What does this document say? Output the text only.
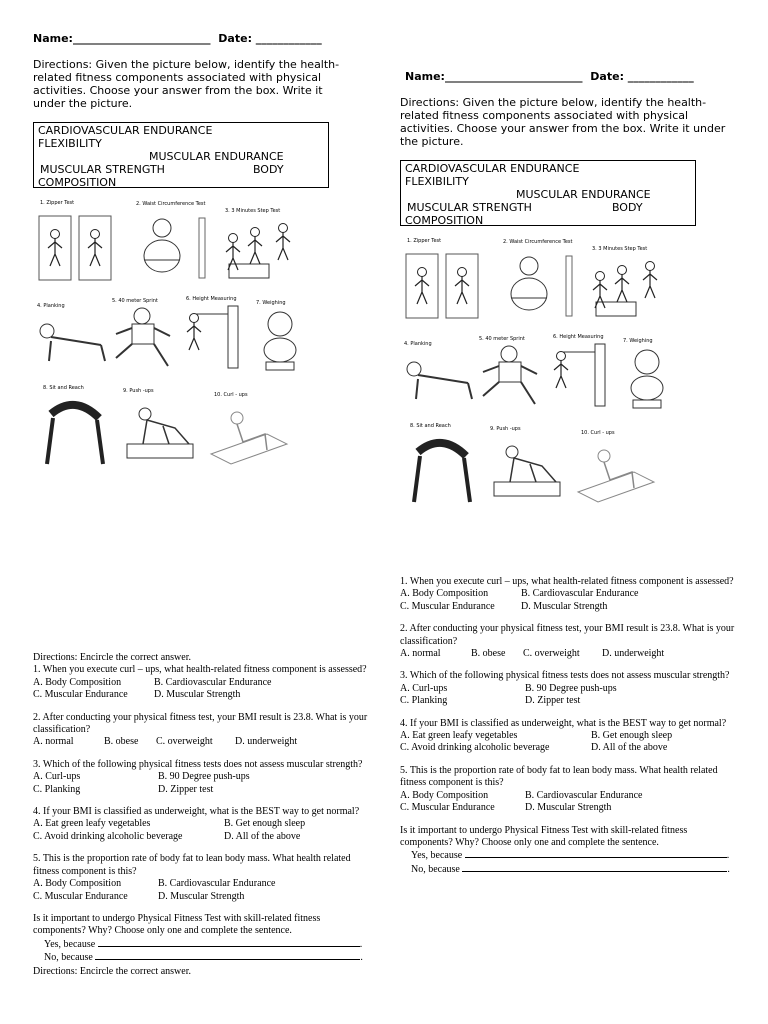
Name:_________________________ Date: ____________
Directions: Given the picture below, identify the health-related fitness components associated with physical activities. Choose your answer from the box. Write it under the picture.
CARDIOVASCULAR ENDURANCE
FLEXIBILITY
MUSCULAR ENDURANCE
MUSCULAR STRENGTH	BODY
COMPOSITION
1. Zipper Test	2. Waist Circumference Test
3. 3 Minutes Step Test
4. Planking
5. 40 meter Sprint	6. Height Measuring
7. Weighing
8. Sit and Reach	9. Push -ups
10. Curl - ups
Directions: Encircle the correct answer.
1. When you execute curl – ups, what health-related fitness component is assessed?
A. Body Composition	B. Cardiovascular Endurance
C. Muscular Endurance	D. Muscular Strength
2. After conducting your physical fitness test, your BMI result is 23.8. What is your classification?
A. normal	B. obese	C. overweight	D. underweight
3. Which of the following physical fitness tests does not assess muscular strength?
A. Curl-ups	B. 90 Degree push-ups
C. Planking	D. Zipper test
4. If your BMI is classified as underweight, what is the BEST way to get normal?
A. Eat green leafy vegetables	B. Get enough sleep
C. Avoid drinking alcoholic beverage	D. All of the above
5. This is the proportion rate of body fat to lean body mass. What health related fitness component is this?
A. Body Composition	B. Cardiovascular Endurance
C. Muscular Endurance	D. Muscular Strength
Is it important to undergo Physical Fitness Test with skill-related fitness components? Why? Choose only one and complete the sentence.
Yes, because	.
No, because	.
Directions: Encircle the correct answer.
Name:_________________________ Date: ____________
Directions: Given the picture below, identify the health-related fitness components associated with physical activities. Choose your answer from the box. Write it under the picture.
CARDIOVASCULAR ENDURANCE
FLEXIBILITY
MUSCULAR ENDURANCE
MUSCULAR STRENGTH	BODY
COMPOSITION
1. Zipper Test	2. Waist Circumference Test
3. 3 Minutes Step Test
4. Planking
5. 40 meter Sprint	6. Height Measuring
7. Weighing
8. Sit and Reach	9. Push -ups
10. Curl - ups
1. When you execute curl – ups, what health-related fitness component is assessed?
A. Body Composition	B. Cardiovascular Endurance
C. Muscular Endurance	D. Muscular Strength
2. After conducting your physical fitness test, your BMI result is 23.8. What is your classification?
A. normal	B. obese	C. overweight	D. underweight
3. Which of the following physical fitness tests does not assess muscular strength?
A. Curl-ups	B. 90 Degree push-ups
C. Planking	D. Zipper test
4. If your BMI is classified as underweight, what is the BEST way to get normal?
A. Eat green leafy vegetables	B. Get enough sleep
C. Avoid drinking alcoholic beverage	D. All of the above
5. This is the proportion rate of body fat to lean body mass. What health related fitness component is this?
A. Body Composition	B. Cardiovascular Endurance
C. Muscular Endurance	D. Muscular Strength
Is it important to undergo Physical Fitness Test with skill-related fitness components? Why? Choose only one and complete the sentence.
Yes, because	.
No, because	.
